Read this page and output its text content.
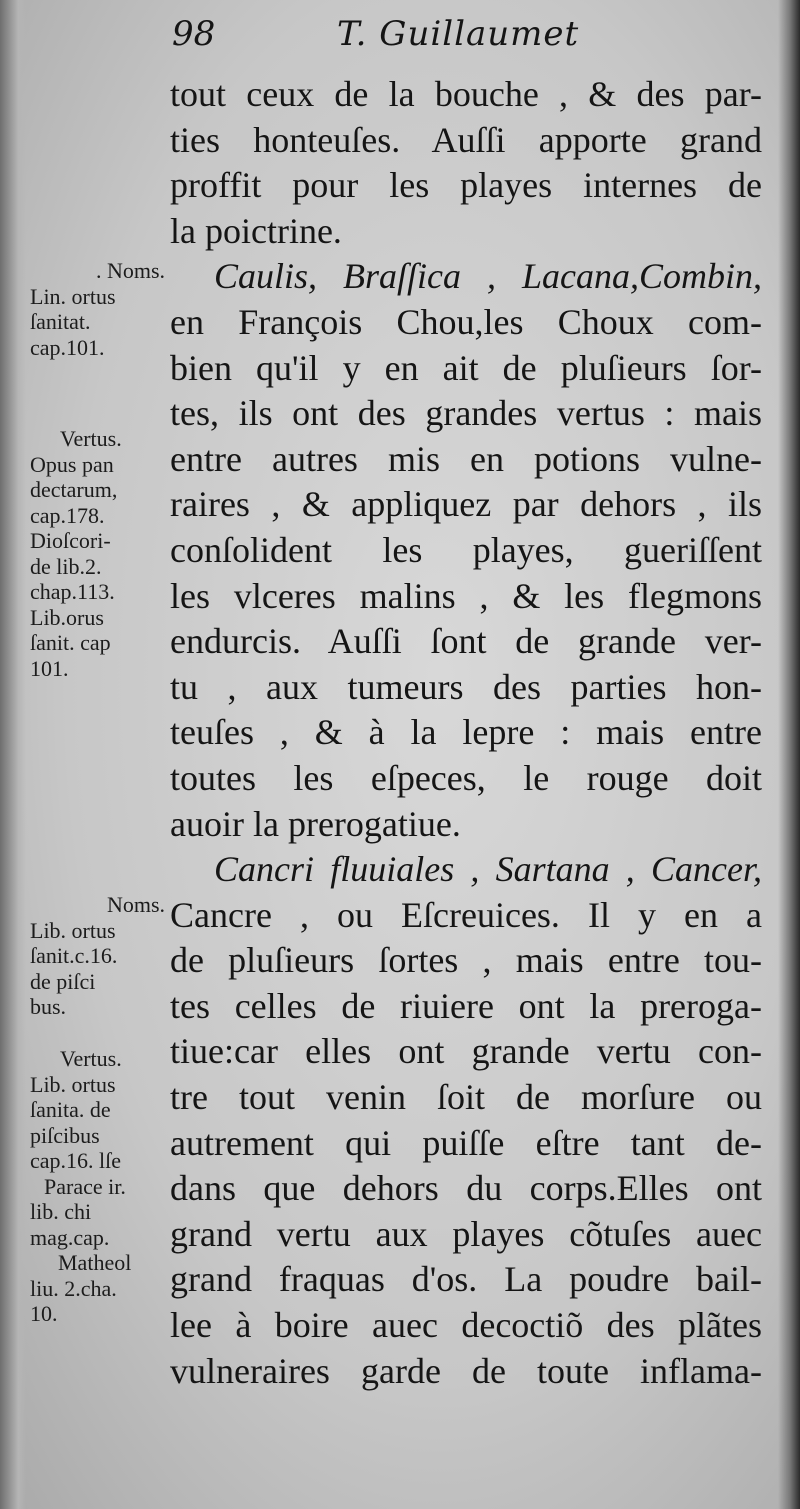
98	T. Guillaumet
tout ceux de la bouche , & des par-
ties honteuſes. Auſſi apporte grand
proffit pour les playes internes de
la poictrine.
Caulis, Braſſica , Lacana,Combin,
en François Chou,les Choux com-
bien qu'il y en ait de pluſieurs ſor-
tes, ils ont des grandes vertus : mais
entre autres mis en potions vulne-
raires , & appliquez par dehors , ils
conſolident les playes, gueriſſent
les vlceres malins , & les flegmons
endurcis. Auſſi ſont de grande ver-
tu , aux tumeurs des parties hon-
teuſes , & à la lepre : mais entre
toutes les eſpeces, le rouge doit
auoir la prerogatiue.
Cancri fluuiales , Sartana , Cancer,
Cancre , ou Eſcreuices. Il y en a
de pluſieurs ſortes , mais entre tou-
tes celles de riuiere ont la preroga-
tiue:car elles ont grande vertu con-
tre tout venin ſoit de morſure ou
autrement qui puiſſe eſtre tant de-
dans que dehors du corps.Elles ont
grand vertu aux playes cõtuſes auec
grand fraquas d'os. La poudre bail-
lee à boire auec decoctiõ des plãtes
vulneraires garde de toute inflama-
. Noms.
Lin. ortus
ſanitat.
cap.101.
Vertus.
Opus pan
dectarum,
cap.178.
Dioſcori-
de lib.2.
chap.113.
Lib.orus
ſanit. cap
101.
Noms.
Lib. ortus
ſanit.c.16.
de piſci
bus.
Vertus.
Lib. ortus
ſanita. de
piſcibus
cap.16. lſe
Parace ir.
lib. chi
mag.cap.
Matheol
liu. 2.cha.
10.
